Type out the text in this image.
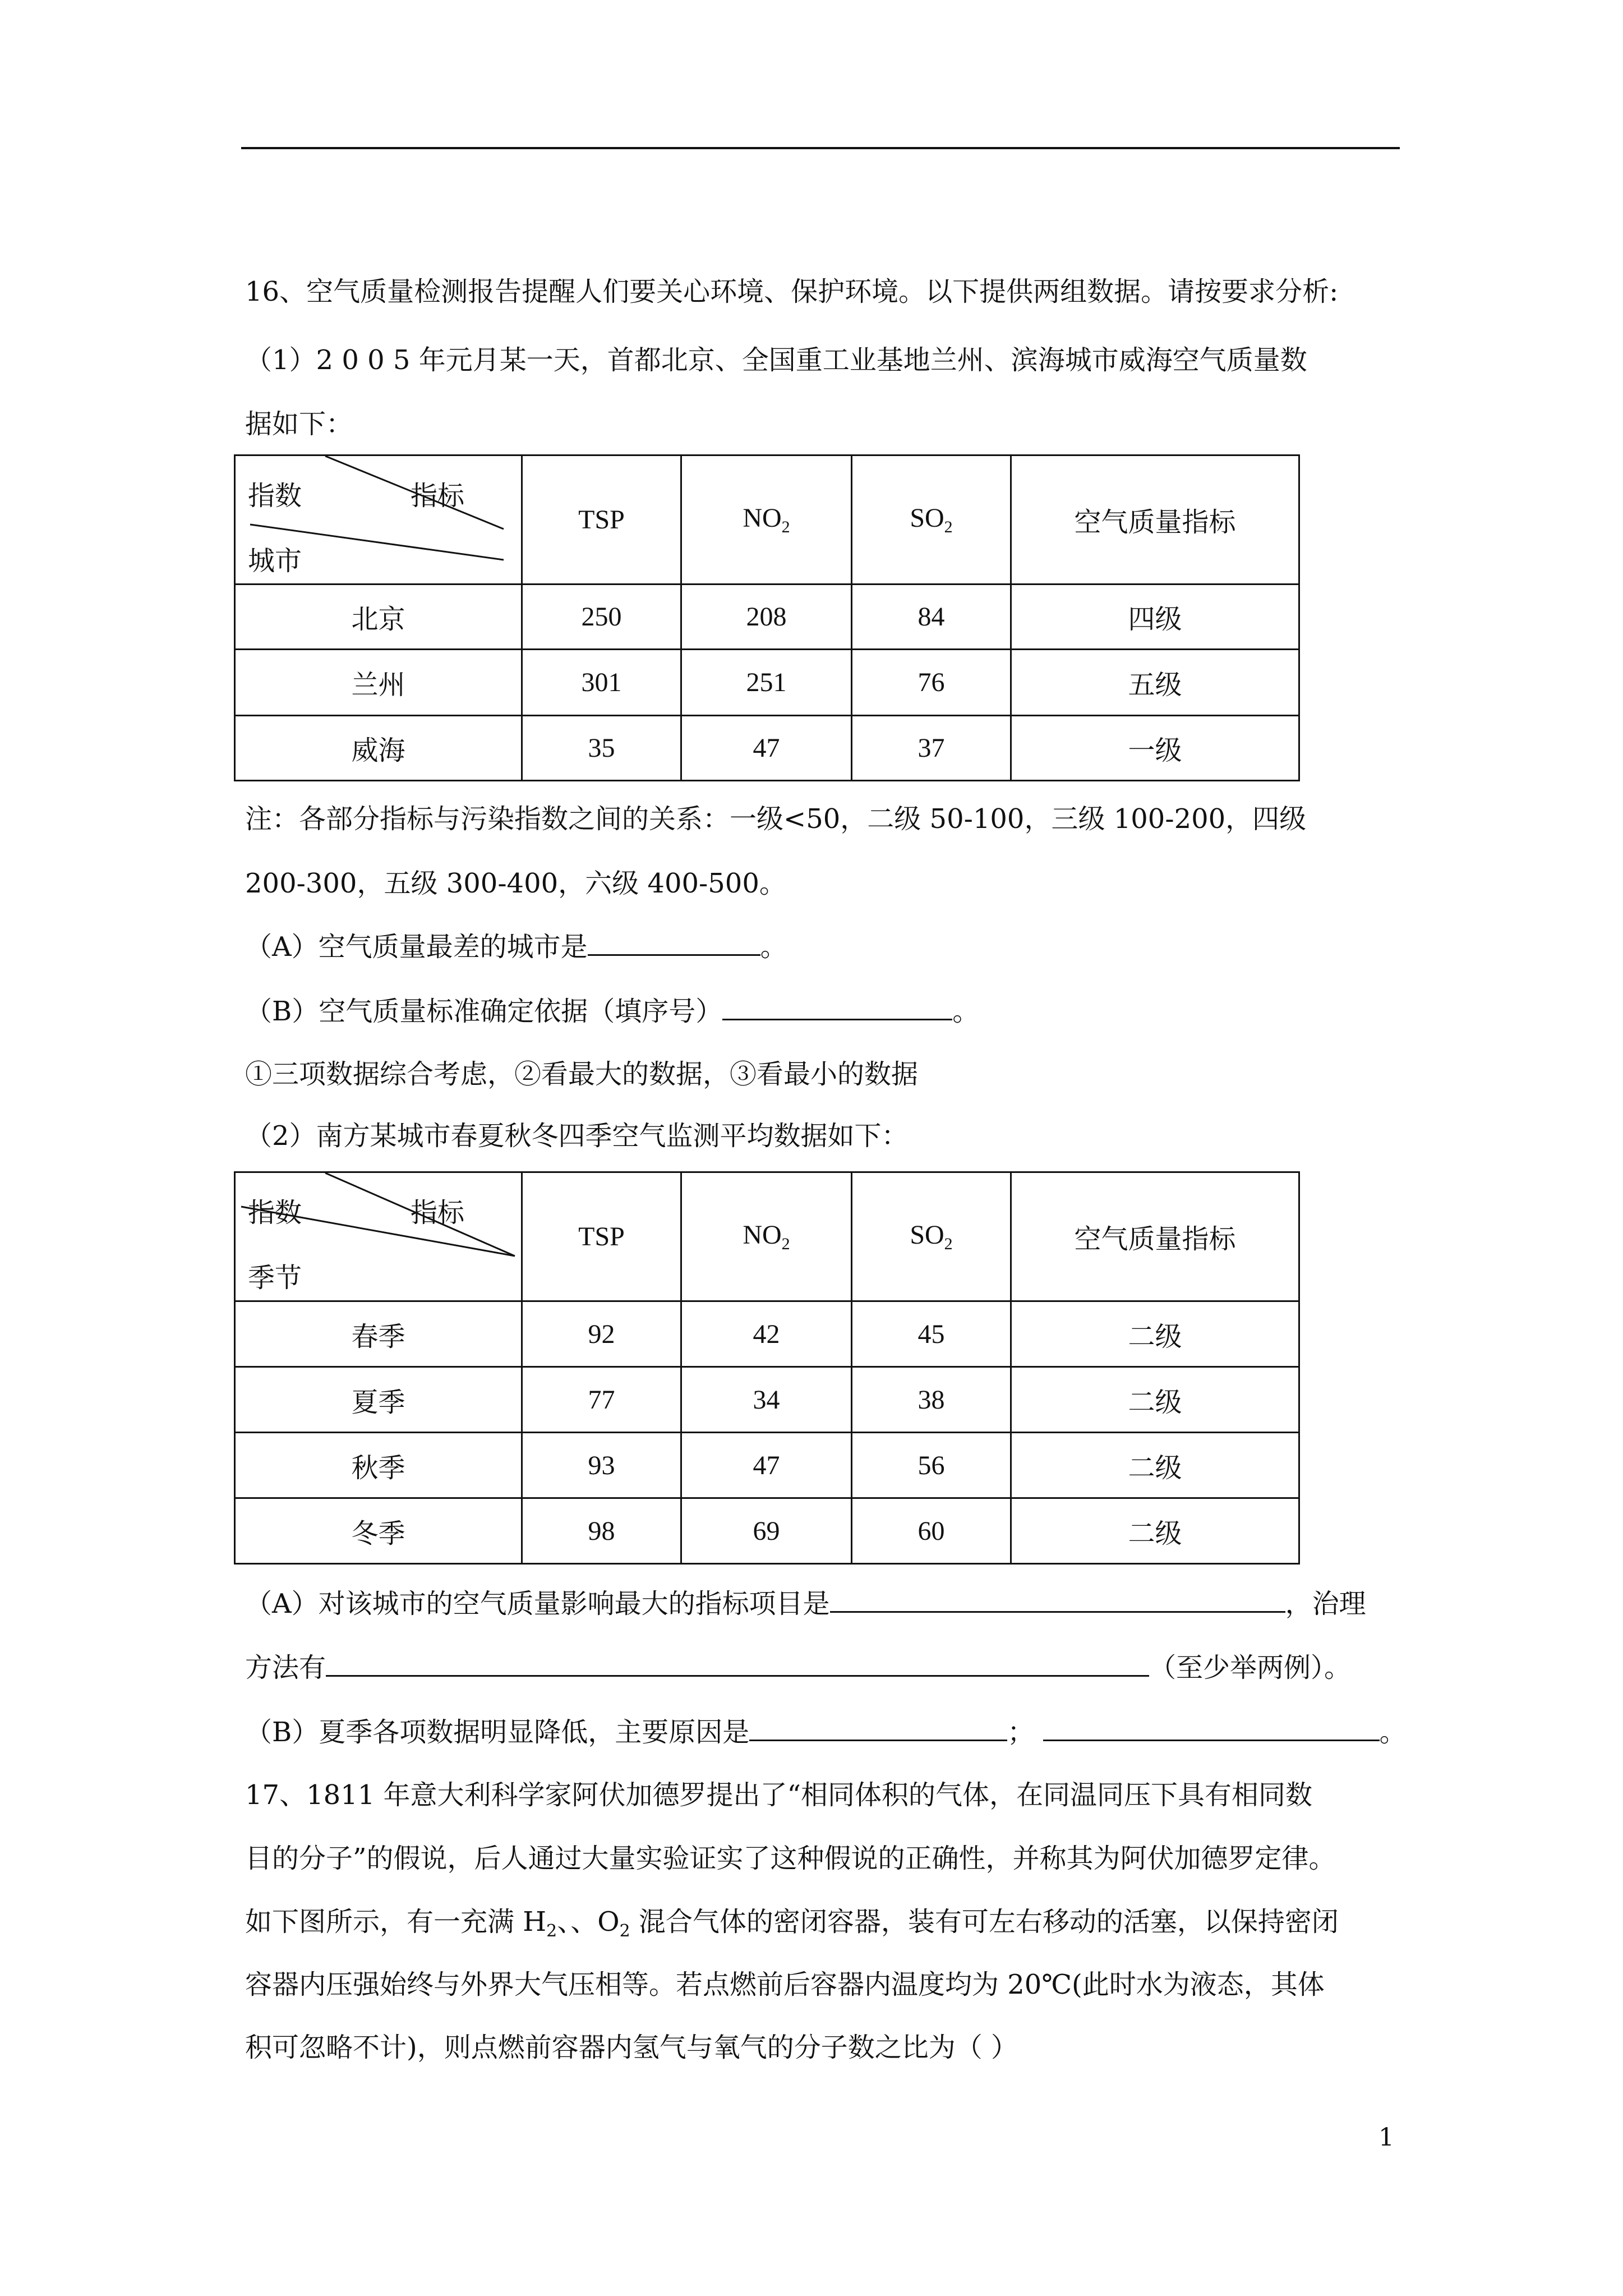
16、空气质量检测报告提醒人们要关心环境、保护环境。以下提供两组数据。请按要求分析:
（1）2 0 0 5 年元月某一天，首都北京、全国重工业基地兰州、滨海城市威海空气质量数
据如下：
指数 指标
城市	TSP	$NO_2$	$SO_2$	空气质量指标
北京	250	208	84	四级
兰州	301	251	76	五级
威海	35	47	37	一级
注：各部分指标与污染指数之间的关系：一级<50，二级 50-100，三级 100-200，四级
200-300，五级 300-400，六级 400-500。
（A）空气质量最差的城市是	。
（B）空气质量标准确定依据（填序号）	。
①三项数据综合考虑，②看最大的数据，③看最小的数据
（2）南方某城市春夏秋冬四季空气监测平均数据如下：
指数 指标
季节	TSP	$NO_2$	$SO_2$	空气质量指标
春季	92	42	45	二级
夏季	77	34	38	二级
秋季	93	47	56	二级
冬季	98	69	60	二级
（A）对该城市的空气质量影响最大的指标项目是	，治理
方法有	（至少举两例）。
（B）夏季各项数据明显降低，主要原因是	；	。
17、1811 年意大利科学家阿伏加德罗提出了“相同体积的气体，在同温同压下具有相同数
目的分子”的假说，后人通过大量实验证实了这种假说的正确性，并称其为阿伏加德罗定律。
如下图所示，有一充满 $H_2$、、$O_2$ 混合气体的密闭容器，装有可左右移动的活塞，以保持密闭
容器内压强始终与外界大气压相等。若点燃前后容器内温度均为 20℃(此时水为液态，其体
积可忽略不计)，则点燃前容器内氢气与氧气的分子数之比为（ ）
1
